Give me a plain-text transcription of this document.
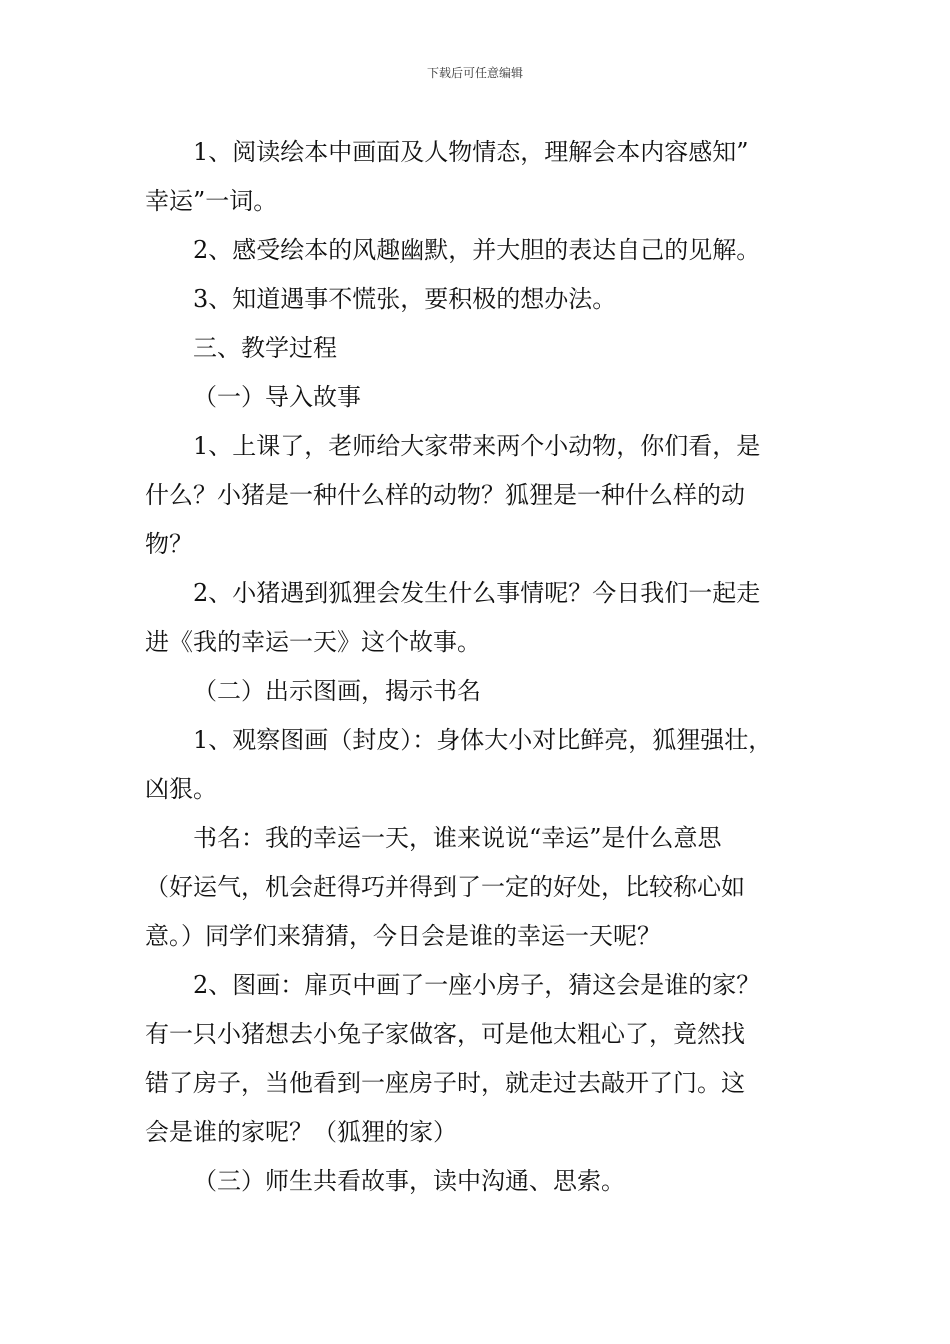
下载后可任意编辑

1、阅读绘本中画面及人物情态，理解会本内容感知”

幸运”一词。

2、感受绘本的风趣幽默，并大胆的表达自己的见解。

3、知道遇事不慌张，要积极的想办法。

三、教学过程

（一）导入故事

1、上课了，老师给大家带来两个小动物，你们看，是

什么？小猪是一种什么样的动物？狐狸是一种什么样的动

物？

2、小猪遇到狐狸会发生什么事情呢？今日我们一起走

进《我的幸运一天》这个故事。

（二）出示图画，揭示书名

1、观察图画（封皮）：身体大小对比鲜亮，狐狸强壮，

凶狠。

书名：我的幸运一天，谁来说说“幸运”是什么意思

（好运气，机会赶得巧并得到了一定的好处，比较称心如

意。）同学们来猜猜，今日会是谁的幸运一天呢？

2、图画：扉页中画了一座小房子，猜这会是谁的家？

有一只小猪想去小兔子家做客，可是他太粗心了，竟然找

错了房子，当他看到一座房子时，就走过去敲开了门。这

会是谁的家呢？（狐狸的家）

（三）师生共看故事，读中沟通、思索。
